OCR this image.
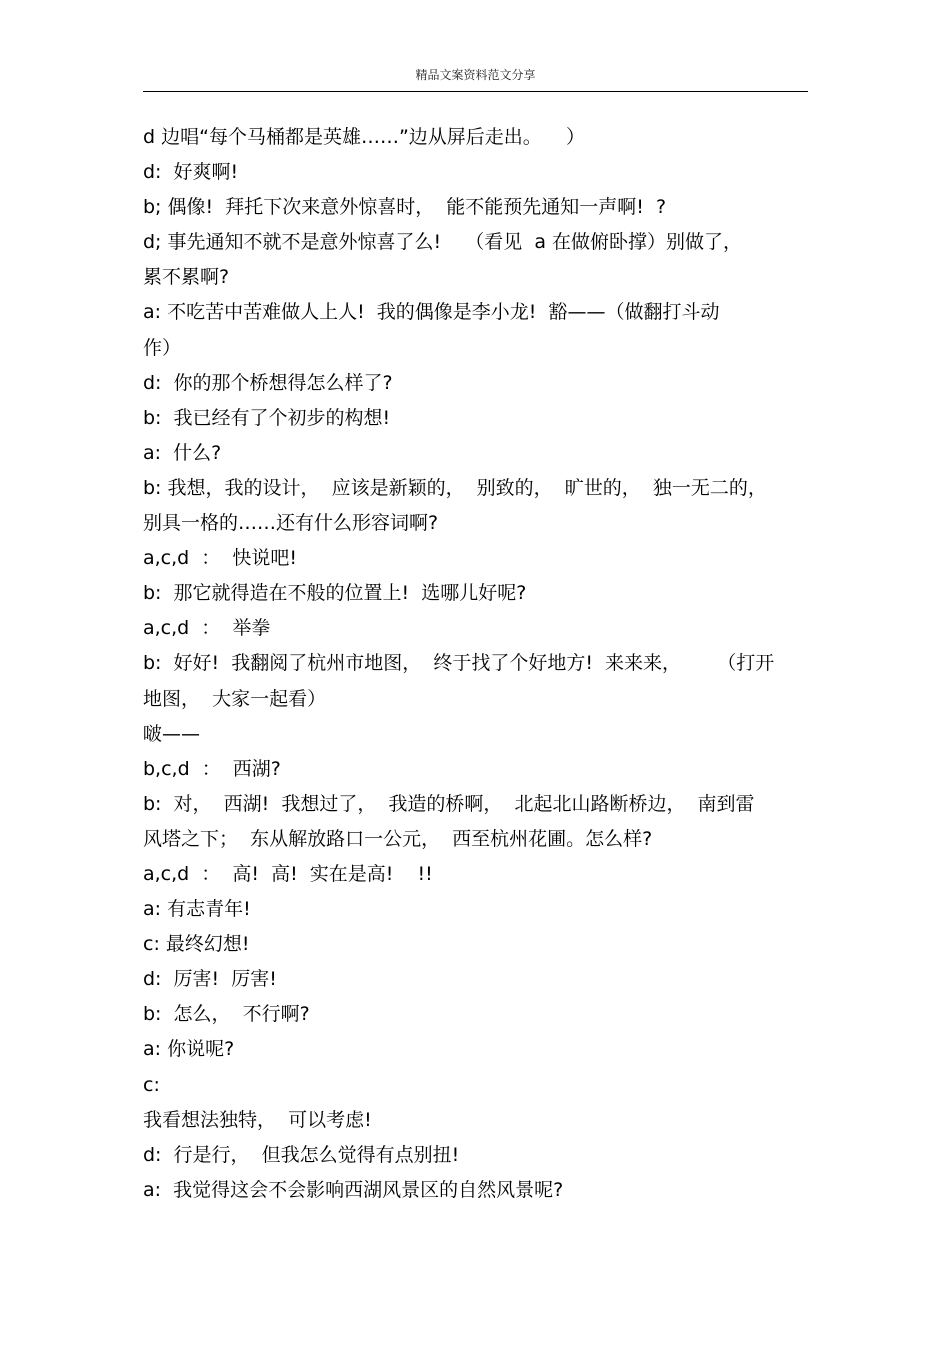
精品文案资料范文分享
d 边唱“每个马桶都是英雄……”边从屏后走出。    ）
d:  好爽啊!
b; 偶像!  拜托下次来意外惊喜时，  能不能预先通知一声啊!  ?
d; 事先通知不就不是意外惊喜了么!    （看见  a 在做俯卧撑）别做了，
累不累啊?
a: 不吃苦中苦难做人上人!  我的偶像是李小龙!  豁——（做翻打斗动
作）
d:  你的那个桥想得怎么样了?
b:  我已经有了个初步的构想!
a:  什么?
b: 我想，我的设计，  应该是新颖的，  别致的，  旷世的，  独一无二的，
别具一格的……还有什么形容词啊?
a,c,d  ：  快说吧!
b:  那它就得造在不般的位置上!  选哪儿好呢?
a,c,d  ：  举拳
b:  好好!  我翻阅了杭州市地图，  终于找了个好地方!  来来来，      （打开
地图，  大家一起看）
啵——
b,c,d  ：  西湖?
b:  对，  西湖!  我想过了，  我造的桥啊，  北起北山路断桥边，  南到雷
风塔之下；  东从解放路口一公元，  西至杭州花圃。怎么样?
a,c,d  ：  高!  高!  实在是高!    !!
a: 有志青年!
c: 最终幻想!
d:  厉害!  厉害!
b:  怎么，  不行啊?
a: 你说呢?
c:
我看想法独特，  可以考虑!
d:  行是行，  但我怎么觉得有点别扭!
a:  我觉得这会不会影响西湖风景区的自然风景呢?
